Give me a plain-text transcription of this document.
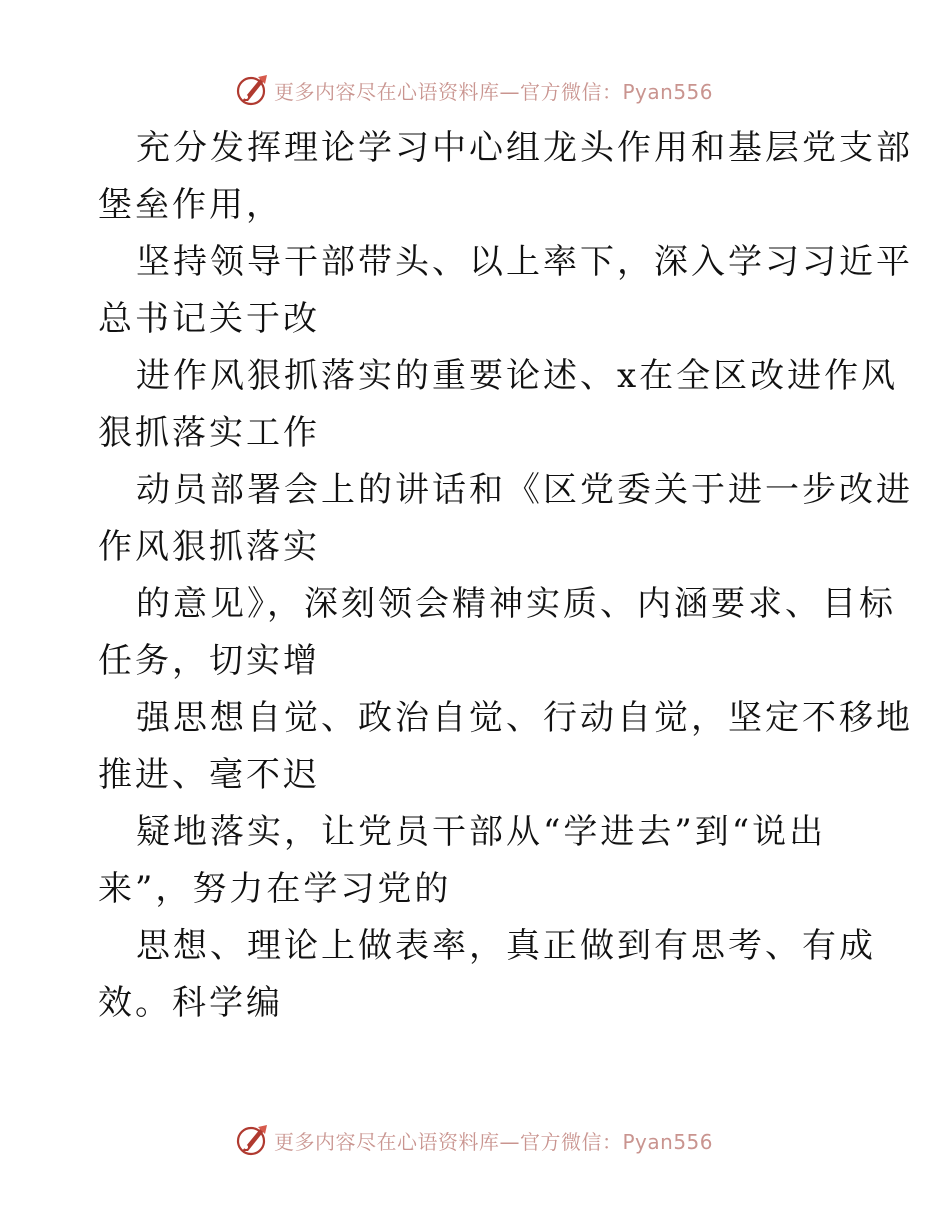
更多内容尽在心语资料库—官方微信：Pyan556
充分发挥理论学习中心组龙头作用和基层党支部
堡垒作用，
坚持领导干部带头、以上率下，深入学习习近平
总书记关于改
进作风狠抓落实的重要论述、x在全区改进作风
狠抓落实工作
动员部署会上的讲话和《区党委关于进一步改进
作风狠抓落实
的意见》，深刻领会精神实质、内涵要求、目标
任务，切实增
强思想自觉、政治自觉、行动自觉，坚定不移地
推进、毫不迟
疑地落实，让党员干部从“学进去”到“说出
来”，努力在学习党的
思想、理论上做表率，真正做到有思考、有成
效。科学编
更多内容尽在心语资料库—官方微信：Pyan556
